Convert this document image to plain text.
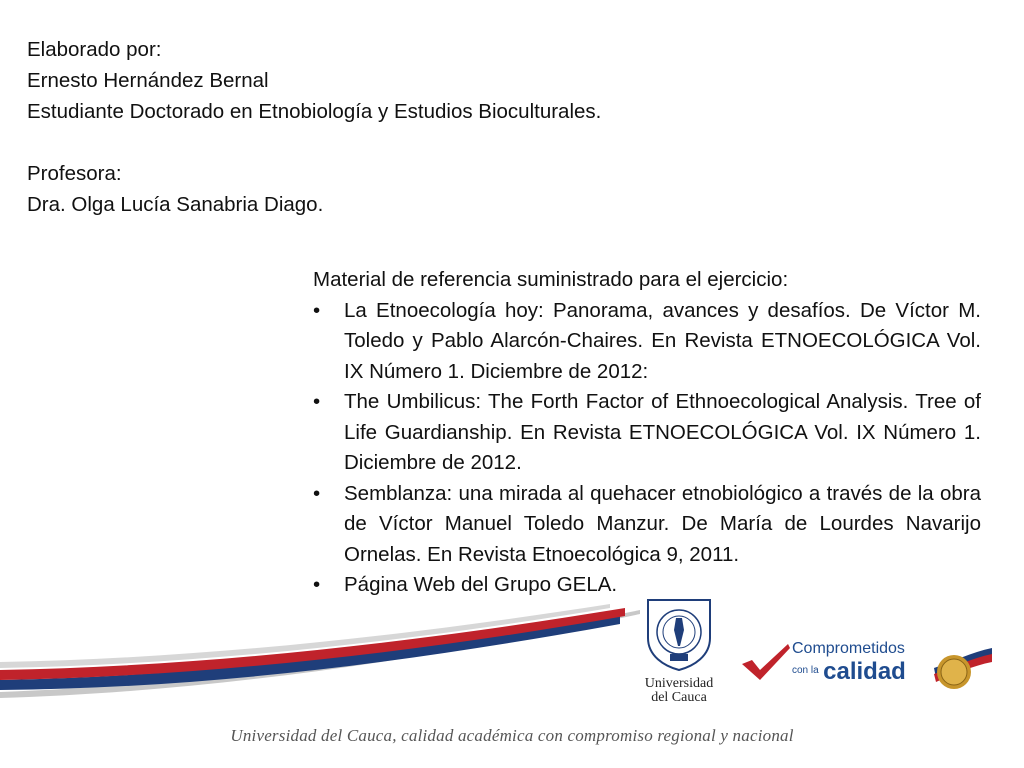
Elaborado por:
Ernesto Hernández Bernal
Estudiante Doctorado en Etnobiología y Estudios Bioculturales.
Profesora:
Dra. Olga Lucía Sanabria Diago.
Material de referencia suministrado para el ejercicio:
• La Etnoecología hoy: Panorama, avances y desafíos. De Víctor M. Toledo y Pablo Alarcón-Chaires. En Revista ETNOECOLÓGICA Vol. IX Número 1. Diciembre de 2012:
• The Umbilicus: The Forth Factor of Ethnoecological Analysis. Tree of Life Guardianship. En Revista ETNOECOLÓGICA Vol. IX Número 1. Diciembre de 2012.
• Semblanza: una mirada al quehacer etnobiológico a través de la obra de Víctor Manuel Toledo Manzur. De María de Lourdes Navarijo Ornelas. En Revista Etnoecológica 9, 2011.
• Página Web del Grupo GELA.
Universidad
del Cauca
Comprometidos
$^{con la}$ calidad
Universidad del Cauca, calidad académica con compromiso regional y nacional
